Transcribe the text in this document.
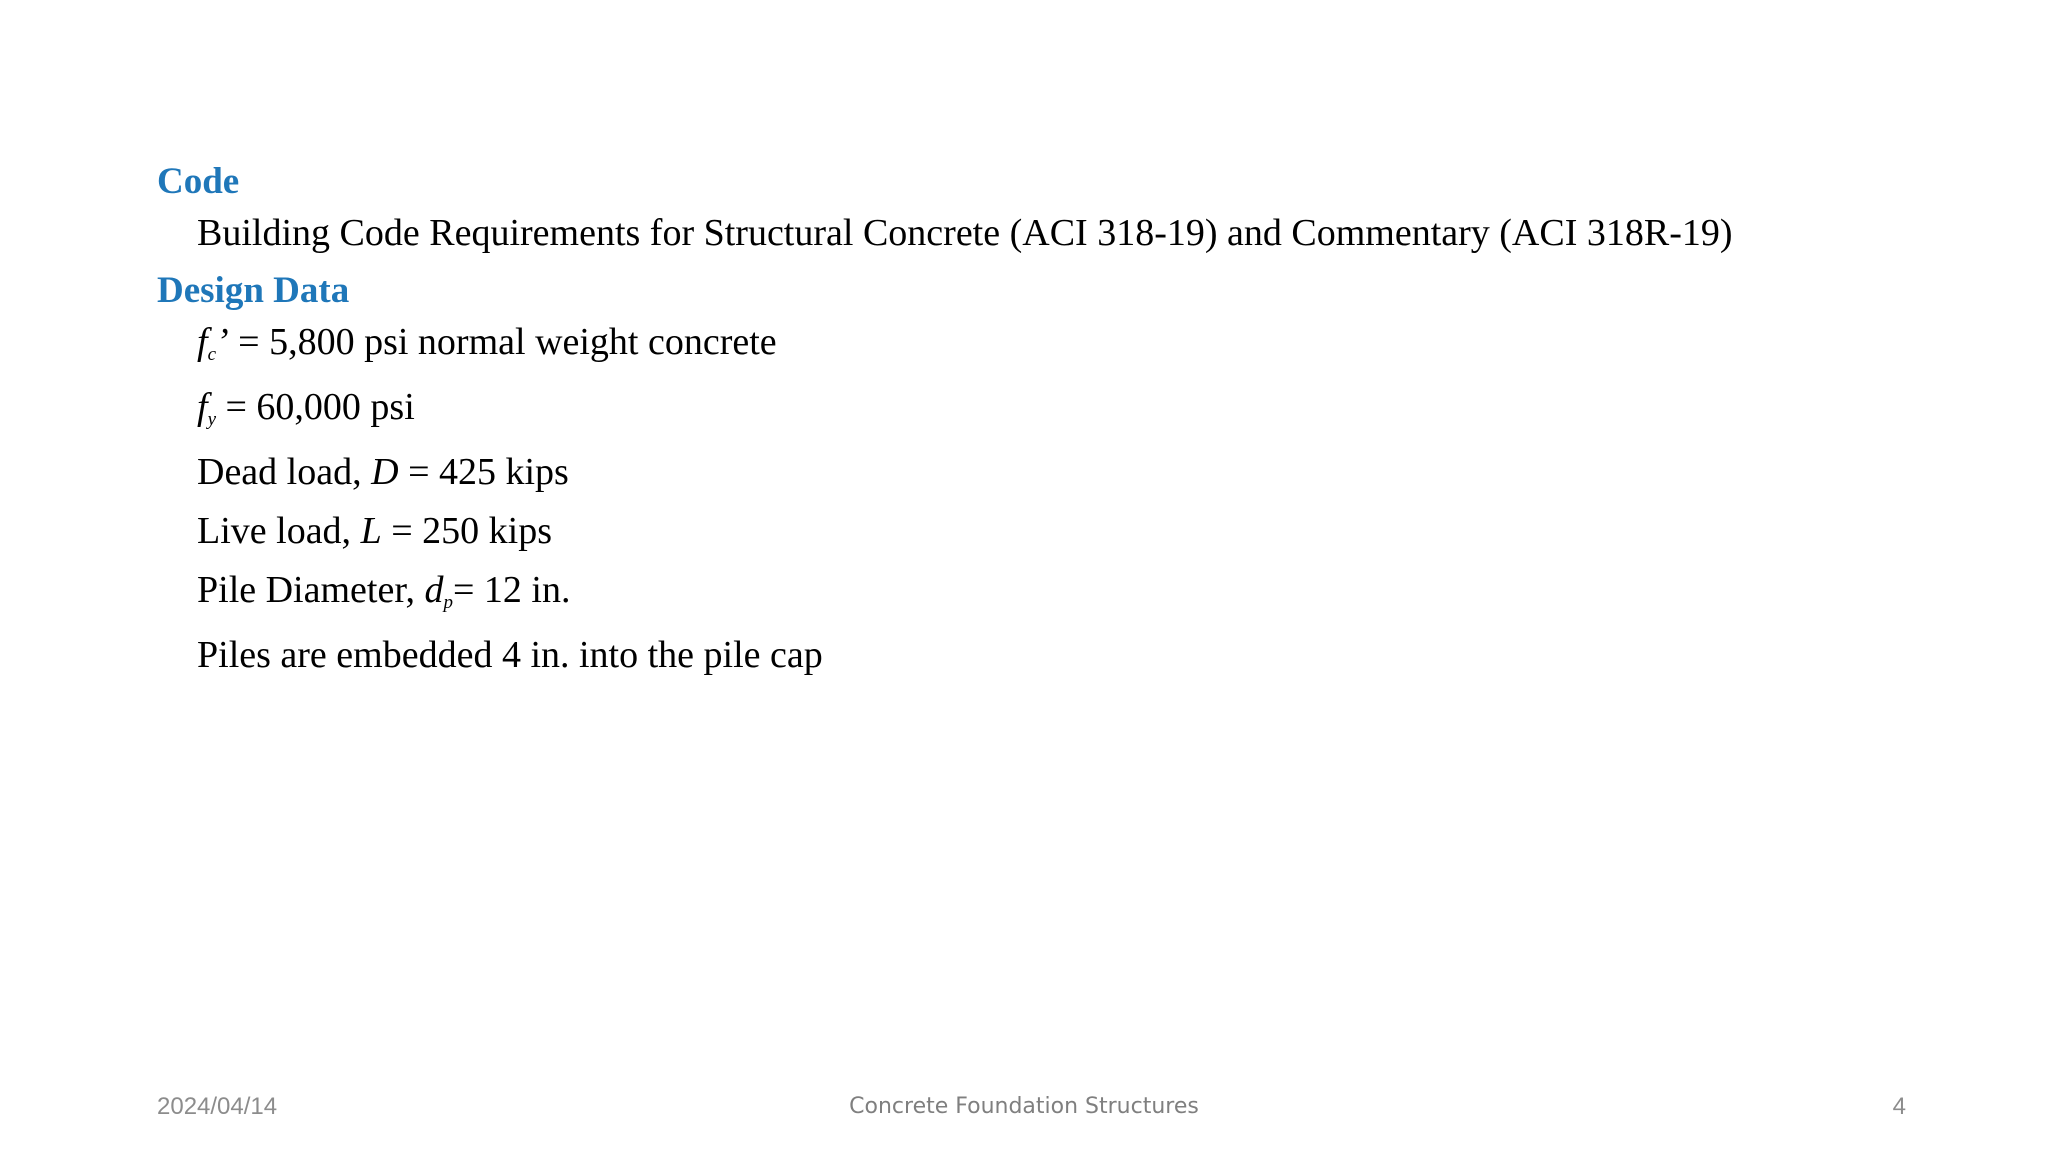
Code
Building Code Requirements for Structural Concrete (ACI 318-19) and Commentary (ACI 318R-19)
Design Data
fc’ = 5,800 psi normal weight concrete
fy = 60,000 psi
Dead load, D = 425 kips
Live load, L = 250 kips
Pile Diameter, dp= 12 in.
Piles are embedded 4 in. into the pile cap
2024/04/14	Concrete Foundation Structures	4
